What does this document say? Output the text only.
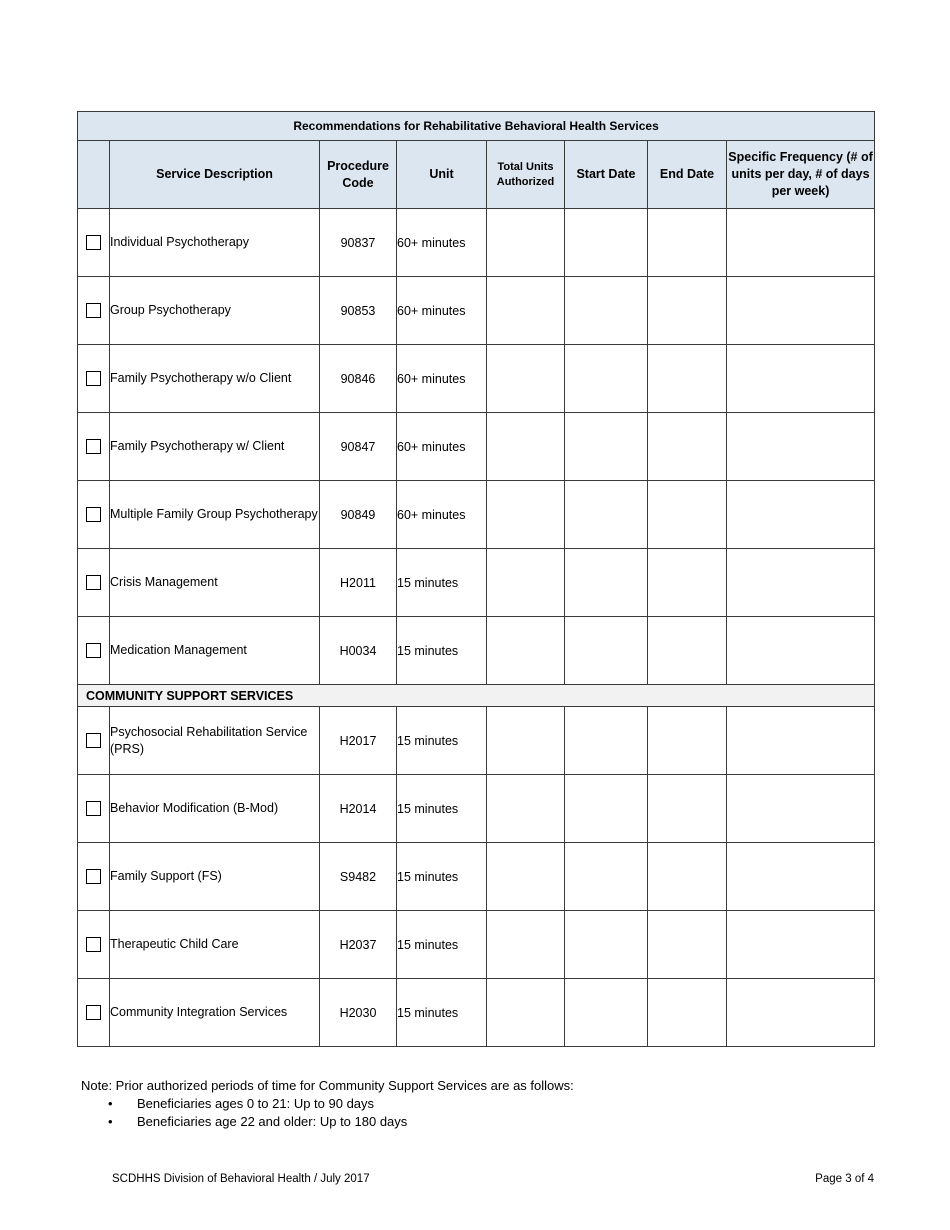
Recommendations for Rehabilitative Behavioral Health Services							
	Service Description	Procedure Code	Unit	Total Units Authorized	Start Date	End Date	Specific Frequency (# of units per day, # of days per week)
	Individual Psychotherapy	90837	60+ minutes				
	Group Psychotherapy	90853	60+ minutes				
	Family Psychotherapy w/o Client	90846	60+ minutes				
	Family Psychotherapy w/ Client	90847	60+ minutes				
	Multiple Family Group Psychotherapy	90849	60+ minutes				
	Crisis Management	H2011	15 minutes				
	Medication Management	H0034	15 minutes				
COMMUNITY SUPPORT SERVICES							
	Psychosocial Rehabilitation Service (PRS)	H2017	15 minutes				
	Behavior Modification (B-Mod)	H2014	15 minutes				
	Family Support (FS)	S9482	15 minutes				
	Therapeutic Child Care	H2037	15 minutes				
	Community Integration Services	H2030	15 minutes				
Note: Prior authorized periods of time for Community Support Services are as follows:
• Beneficiaries ages 0 to 21: Up to 90 days
• Beneficiaries age 22 and older: Up to 180 days
SCDHHS Division of Behavioral Health / July 2017	Page 3 of 4
